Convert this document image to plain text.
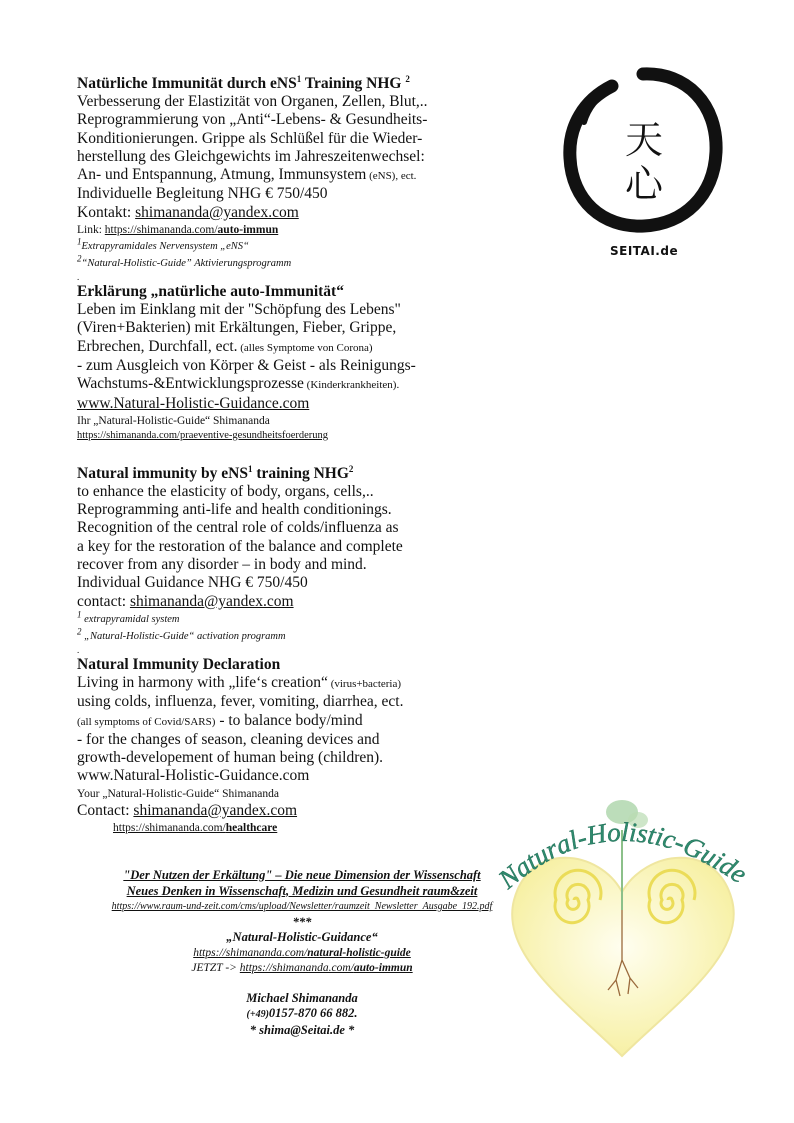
天心
SEITAI.de
Natürliche Immunität durch eNS$^1$ Training NHG $^2$
Verbesserung der Elastizität von Organen, Zellen, Blut,..
Reprogrammierung von „Anti“-Lebens- & Gesundheits-
Konditionierungen. Grippe als Schlüßel für die Wieder-
herstellung des Gleichgewichts im Jahreszeitenwechsel:
An- und Entspannung, Atmung, Immunsystem (eNS), ect.
Individuelle Begleitung NHG € 750/450
Kontakt: shimananda@yandex.com
Link: https://shimananda.com/auto-immun
$^1$Extrapyramidales Nervensystem „eNS“
$^2$“Natural-Holistic-Guide” Aktivierungsprogramm
.
Erklärung „natürliche auto-Immunität“
Leben im Einklang mit der "Schöpfung des Lebens"
(Viren+Bakterien) mit Erkältungen, Fieber, Grippe,
Erbrechen, Durchfall, ect. (alles Symptome von Corona)
- zum Ausgleich von Körper & Geist - als Reinigungs-
Wachstums-&Entwicklungsprozesse (Kinderkrankheiten).
www.Natural-Holistic-Guidance.com
Ihr „Natural-Holistic-Guide“ Shimananda
https://shimananda.com/praeventive-gesundheitsfoerderung
Natural immunity by eNS$^1$ training NHG$^2$
to enhance the elasticity of body, organs, cells,..
Reprogramming anti-life and health conditionings.
Recognition of the central role of colds/influenza as
a key for the restoration of the balance and complete
recover from any disorder – in body and mind.
Individual Guidance NHG € 750/450
contact: shimananda@yandex.com
$^1$ extrapyramidal system
$^2$ „Natural-Holistic-Guide“ activation programm
.
Natural Immunity Declaration
Living in harmony with „life‘s creation“ (virus+bacteria)
using colds, influenza, fever, vomiting, diarrhea, ect.
(all symptoms of Covid/SARS) - to balance body/mind
- for the changes of season, cleaning devices and
growth-developement of human being (children).
www.Natural-Holistic-Guidance.com
Your „Natural-Holistic-Guide“ Shimananda
Contact: shimananda@yandex.com
https://shimananda.com/healthcare
"Der Nutzen der Erkältung" – Die neue Dimension der Wissenschaft
Neues Denken in Wissenschaft, Medizin und Gesundheit raum&zeit
https://www.raum-und-zeit.com/cms/upload/Newsletter/raumzeit_Newsletter_Ausgabe_192.pdf
***
„Natural-Holistic-Guidance“
https://shimananda.com/natural-holistic-guide
JETZT -> https://shimananda.com/auto-immun
Michael Shimananda
(+49)0157-870 66 882.
* shima@Seitai.de *
Natural-Holistic-Guide
